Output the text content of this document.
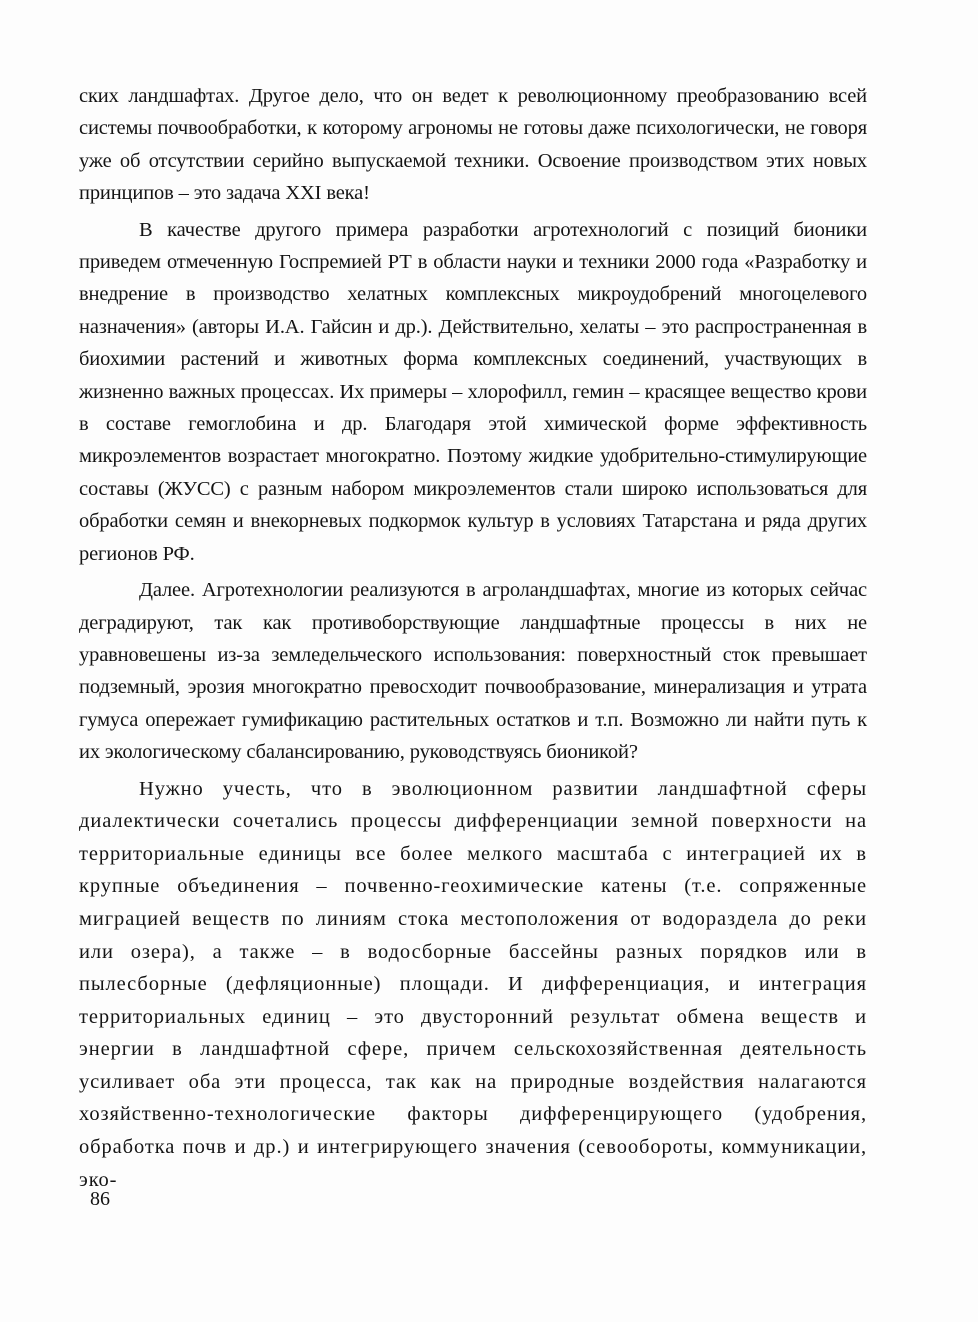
ских ландшафтах. Другое дело, что он ведет к революционному преобразованию всей системы почвообработки, к которому агрономы не готовы даже психологически, не говоря уже об отсутствии серийно выпускаемой техники. Освоение производством этих новых принципов – это задача XXI века!

В качестве другого примера разработки агротехнологий с позиций бионики приведем отмеченную Госпремией РТ в области науки и техники 2000 года «Разработку и внедрение в производство хелатных комплексных микроудобрений многоцелевого назначения» (авторы И.А. Гайсин и др.). Действительно, хелаты – это распространенная в биохимии растений и животных форма комплексных соединений, участвующих в жизненно важных процессах. Их примеры – хлорофилл, гемин – красящее вещество крови в составе гемоглобина и др. Благодаря этой химической форме эффективность микроэлементов возрастает многократно. Поэтому жидкие удобрительно-стимулирующие составы (ЖУСС) с разным набором микроэлементов стали широко использоваться для обработки семян и внекорневых подкормок культур в условиях Татарстана и ряда других регионов РФ.

Далее. Агротехнологии реализуются в агроландшафтах, многие из которых сейчас деградируют, так как противоборствующие ландшафтные процессы в них не уравновешены из-за земледельческого использования: поверхностный сток превышает подземный, эрозия многократно превосходит почвообразование, минерализация и утрата гумуса опережает гумификацию растительных остатков и т.п. Возможно ли найти путь к их экологическому сбалансированию, руководствуясь бионикой?

Нужно учесть, что в эволюционном развитии ландшафтной сферы диалектически сочетались процессы дифференциации земной поверхности на территориальные единицы все более мелкого масштаба с интеграцией их в крупные объединения – почвенно-геохимические катены (т.е. сопряженные миграцией веществ по линиям стока местоположения от водораздела до реки или озера), а также – в водосборные бассейны разных порядков или в пылесборные (дефляционные) площади. И дифференциация, и интеграция территориальных единиц – это двусторонний результат обмена веществ и энергии в ландшафтной сфере, причем сельскохозяйственная деятельность усиливает оба эти процесса, так как на природные воздействия налагаются хозяйственно-технологические факторы дифференцирующего (удобрения, обработка почв и др.) и интегрирующего значения (севообороты, коммуникации, эко-

86
